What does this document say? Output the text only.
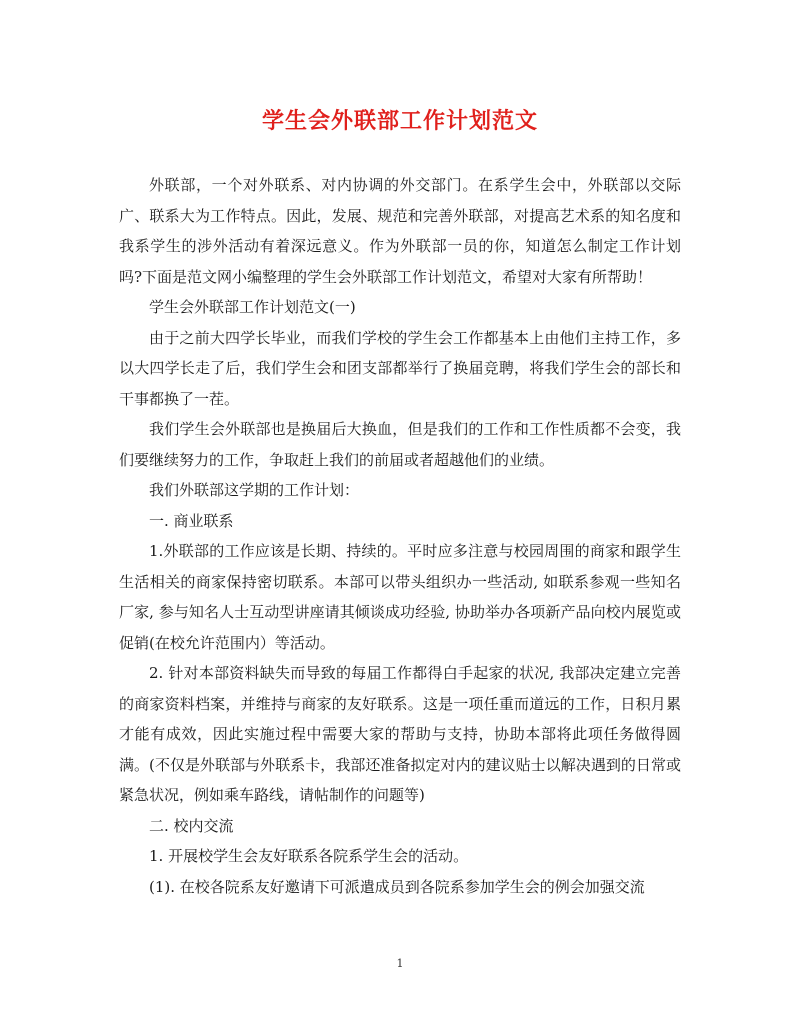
学生会外联部工作计划范文

外联部，一个对外联系、对内协调的外交部门。在系学生会中，外联部以交际广、联系大为工作特点。因此，发展、规范和完善外联部，对提高艺术系的知名度和我系学生的涉外活动有着深远意义。作为外联部一员的你，知道怎么制定工作计划吗?下面是范文网小编整理的学生会外联部工作计划范文，希望对大家有所帮助！

学生会外联部工作计划范文(一)

由于之前大四学长毕业，而我们学校的学生会工作都基本上由他们主持工作，多以大四学长走了后，我们学生会和团支部都举行了换届竞聘，将我们学生会的部长和干事都换了一茬。

我们学生会外联部也是换届后大换血，但是我们的工作和工作性质都不会变，我们要继续努力的工作，争取赶上我们的前届或者超越他们的业绩。

我们外联部这学期的工作计划：

一. 商业联系

1.外联部的工作应该是长期、持续的。平时应多注意与校园周围的商家和跟学生生活相关的商家保持密切联系。本部可以带头组织办一些活动, 如联系参观一些知名厂家, 参与知名人士互动型讲座请其倾谈成功经验, 协助举办各项新产品向校内展览或促销(在校允许范围内）等活动。

2. 针对本部资料缺失而导致的每届工作都得白手起家的状况, 我部决定建立完善的商家资料档案，并维持与商家的友好联系。这是一项任重而道远的工作，日积月累才能有成效，因此实施过程中需要大家的帮助与支持，协助本部将此项任务做得圆满。(不仅是外联部与外联系卡，我部还准备拟定对内的建议贴士以解决遇到的日常或紧急状况，例如乘车路线，请帖制作的问题等)

二. 校内交流

1. 开展校学生会友好联系各院系学生会的活动。

(1). 在校各院系友好邀请下可派遣成员到各院系参加学生会的例会加强交流

1
